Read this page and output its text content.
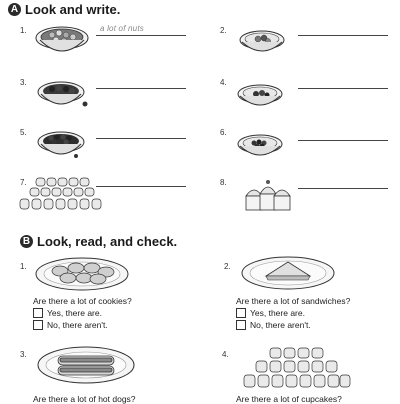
A Look and write.
1.	a lot of nuts	2.
3.	4.
5.	6.
7.	8.
B Look, read, and check.
1.
Are there a lot of cookies?
Yes, there are.
No, there aren't.
2.
Are there a lot of sandwiches?
Yes, there are.
No, there aren't.
3.
Are there a lot of hot dogs?
4.
Are there a lot of cupcakes?
